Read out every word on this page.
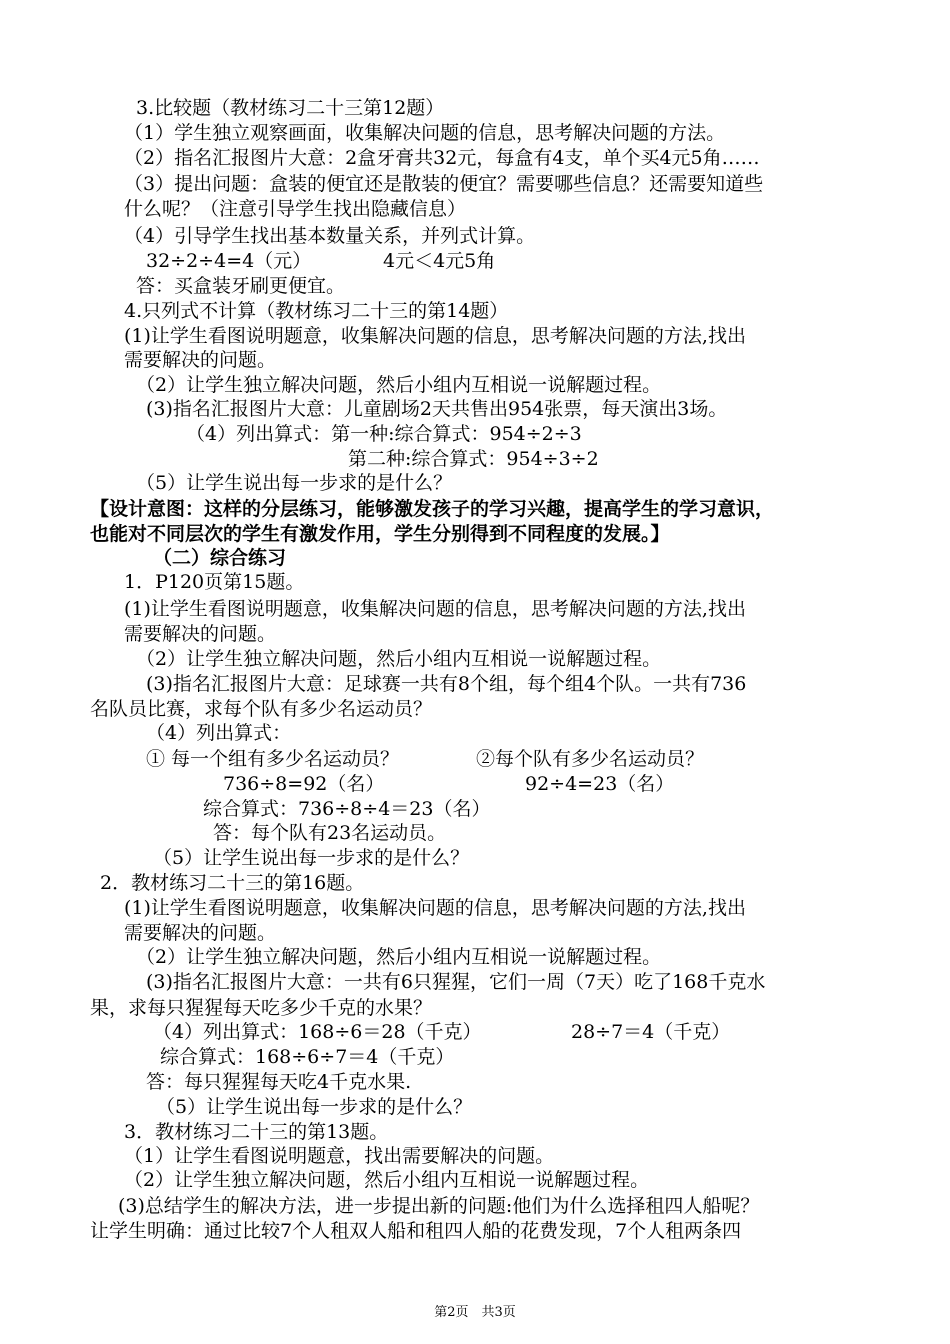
3.比较题（教材练习二十三第12题）
（1）学生独立观察画面，收集解决问题的信息，思考解决问题的方法。
（2）指名汇报图片大意：2盒牙膏共32元，每盒有4支，单个买4元5角……
（3）提出问题：盒装的便宜还是散装的便宜？需要哪些信息？还需要知道些
什么呢？（注意引导学生找出隐藏信息）
（4）引导学生找出基本数量关系，并列式计算。
32÷2÷4=4（元）	4元＜4元5角
答：买盒装牙刷更便宜。
4.只列式不计算（教材练习二十三的第14题）
(1)让学生看图说明题意，收集解决问题的信息，思考解决问题的方法,找出
需要解决的问题。
（2）让学生独立解决问题，然后小组内互相说一说解题过程。
(3)指名汇报图片大意：儿童剧场2天共售出954张票，每天演出3场。
（4）列出算式：第一种:综合算式：954÷2÷3
第二种:综合算式：954÷3÷2
（5）让学生说出每一步求的是什么？
【设计意图：这样的分层练习，能够激发孩子的学习兴趣，提高学生的学习意识，
也能对不同层次的学生有激发作用，学生分别得到不同程度的发展。】
（二）综合练习
1．P120页第15题。
(1)让学生看图说明题意，收集解决问题的信息，思考解决问题的方法,找出
需要解决的问题。
（2）让学生独立解决问题，然后小组内互相说一说解题过程。
(3)指名汇报图片大意：足球赛一共有8个组，每个组4个队。一共有736
名队员比赛，求每个队有多少名运动员？
（4）列出算式：
① 每一个组有多少名运动员？	②每个队有多少名运动员？
736÷8=92（名）	92÷4=23（名）
综合算式：736÷8÷4＝23（名）
答：每个队有23名运动员。
（5）让学生说出每一步求的是什么？
2．教材练习二十三的第16题。
(1)让学生看图说明题意，收集解决问题的信息，思考解决问题的方法,找出
需要解决的问题。
（2）让学生独立解决问题，然后小组内互相说一说解题过程。
(3)指名汇报图片大意：一共有6只猩猩，它们一周（7天）吃了168千克水
果，求每只猩猩每天吃多少千克的水果？
（4）列出算式：168÷6＝28（千克）	28÷7＝4（千克）
综合算式：168÷6÷7＝4（千克）
答：每只猩猩每天吃4千克水果.
（5）让学生说出每一步求的是什么？
3．教材练习二十三的第13题。
（1）让学生看图说明题意，找出需要解决的问题。
（2）让学生独立解决问题，然后小组内互相说一说解题过程。
(3)总结学生的解决方法，进一步提出新的问题:他们为什么选择租四人船呢？
让学生明确：通过比较7个人租双人船和租四人船的花费发现，7个人租两条四
第2页　共3页
